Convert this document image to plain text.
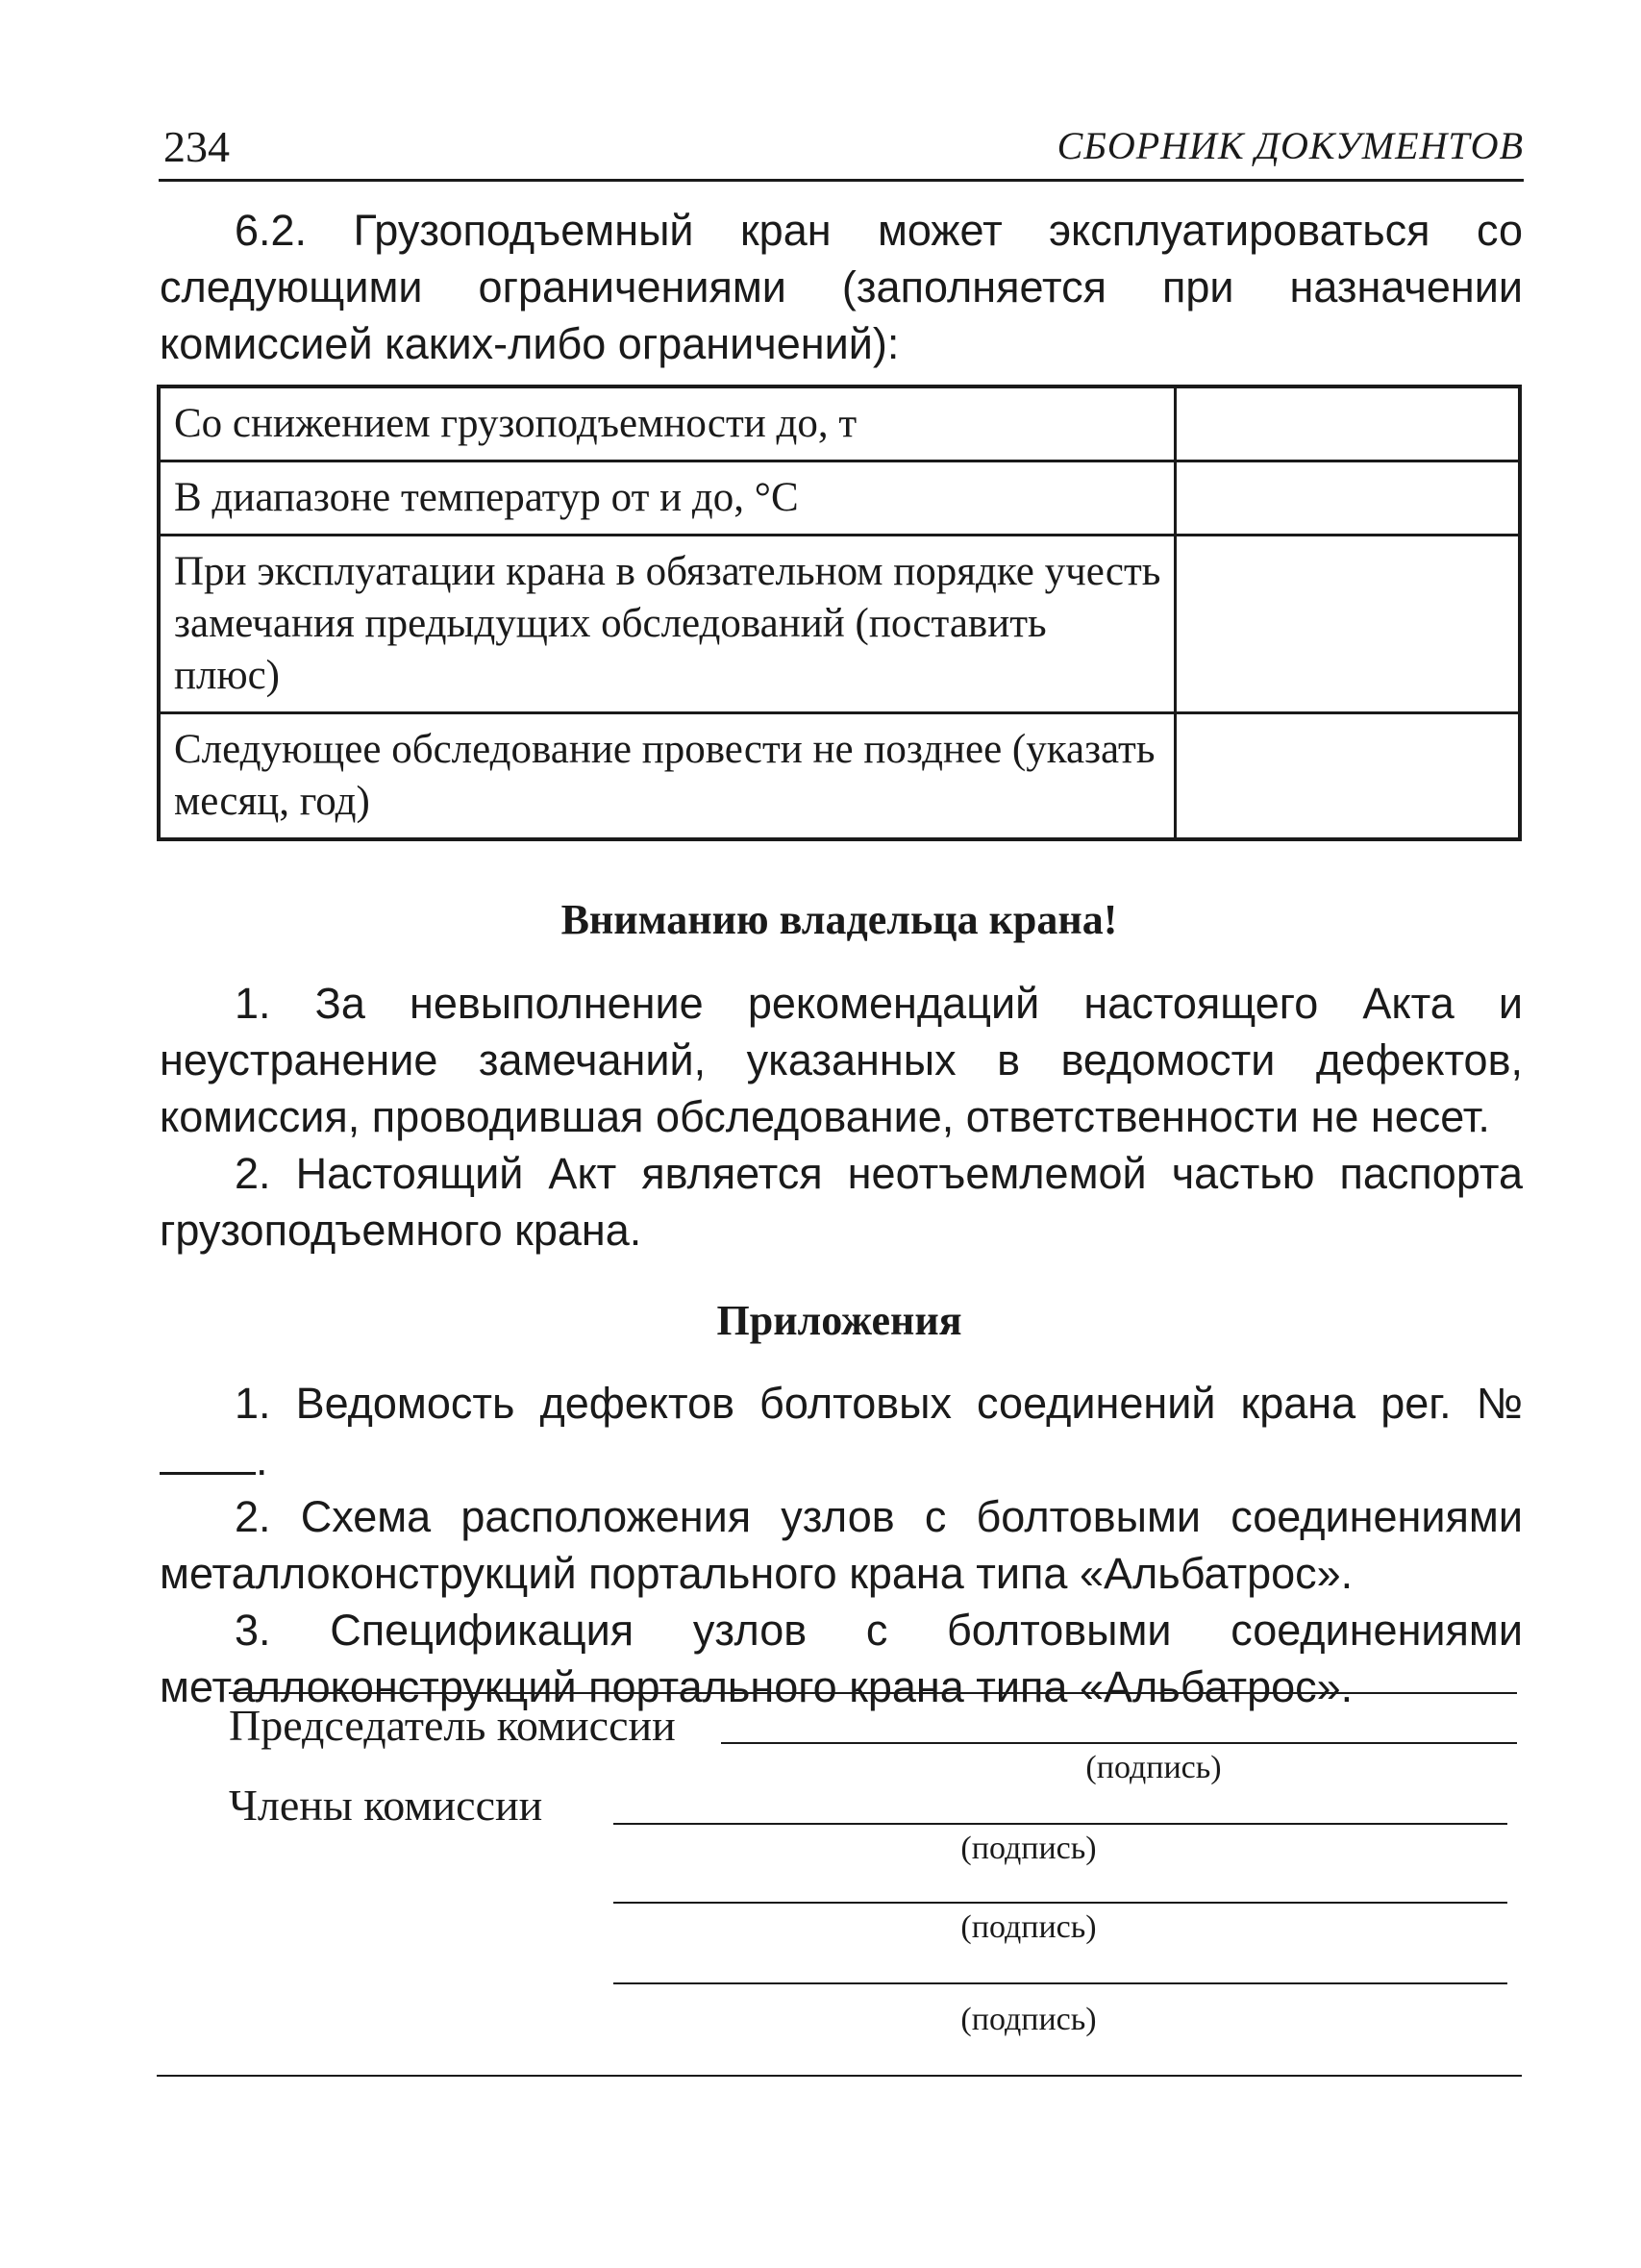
234	СБОРНИК ДОКУМЕНТОВ
6.2. Грузоподъемный кран может эксплуатироваться со следующими ограничениями (заполняется при назначении комиссией каких-либо ограничений):
Со снижением грузоподъемности до, т	
В диапазоне температур от и до, °С	
При эксплуатации крана в обязательном порядке учесть замечания предыдущих обследований (поставить плюс)	
Следующее обследование провести не позднее (указать месяц, год)	
Вниманию владельца крана!

1. За невыполнение рекомендаций настоящего Акта и неустранение замечаний, указанных в ведомости дефектов, комиссия, проводившая обследование, ответственности не несет.

2. Настоящий Акт является неотъемлемой частью паспорта грузоподъемного крана.

Приложения

1. Ведомость дефектов болтовых соединений крана рег. № .

2. Схема расположения узлов с болтовыми соединениями металлоконструкций портального крана типа «Альбатрос».

3. Спецификация узлов с болтовыми соединениями металлоконструкций портального крана типа «Альбатрос».

Председатель комиссии
(подпись)
Члены комиссии
(подпись)
(подпись)
(подпись)
